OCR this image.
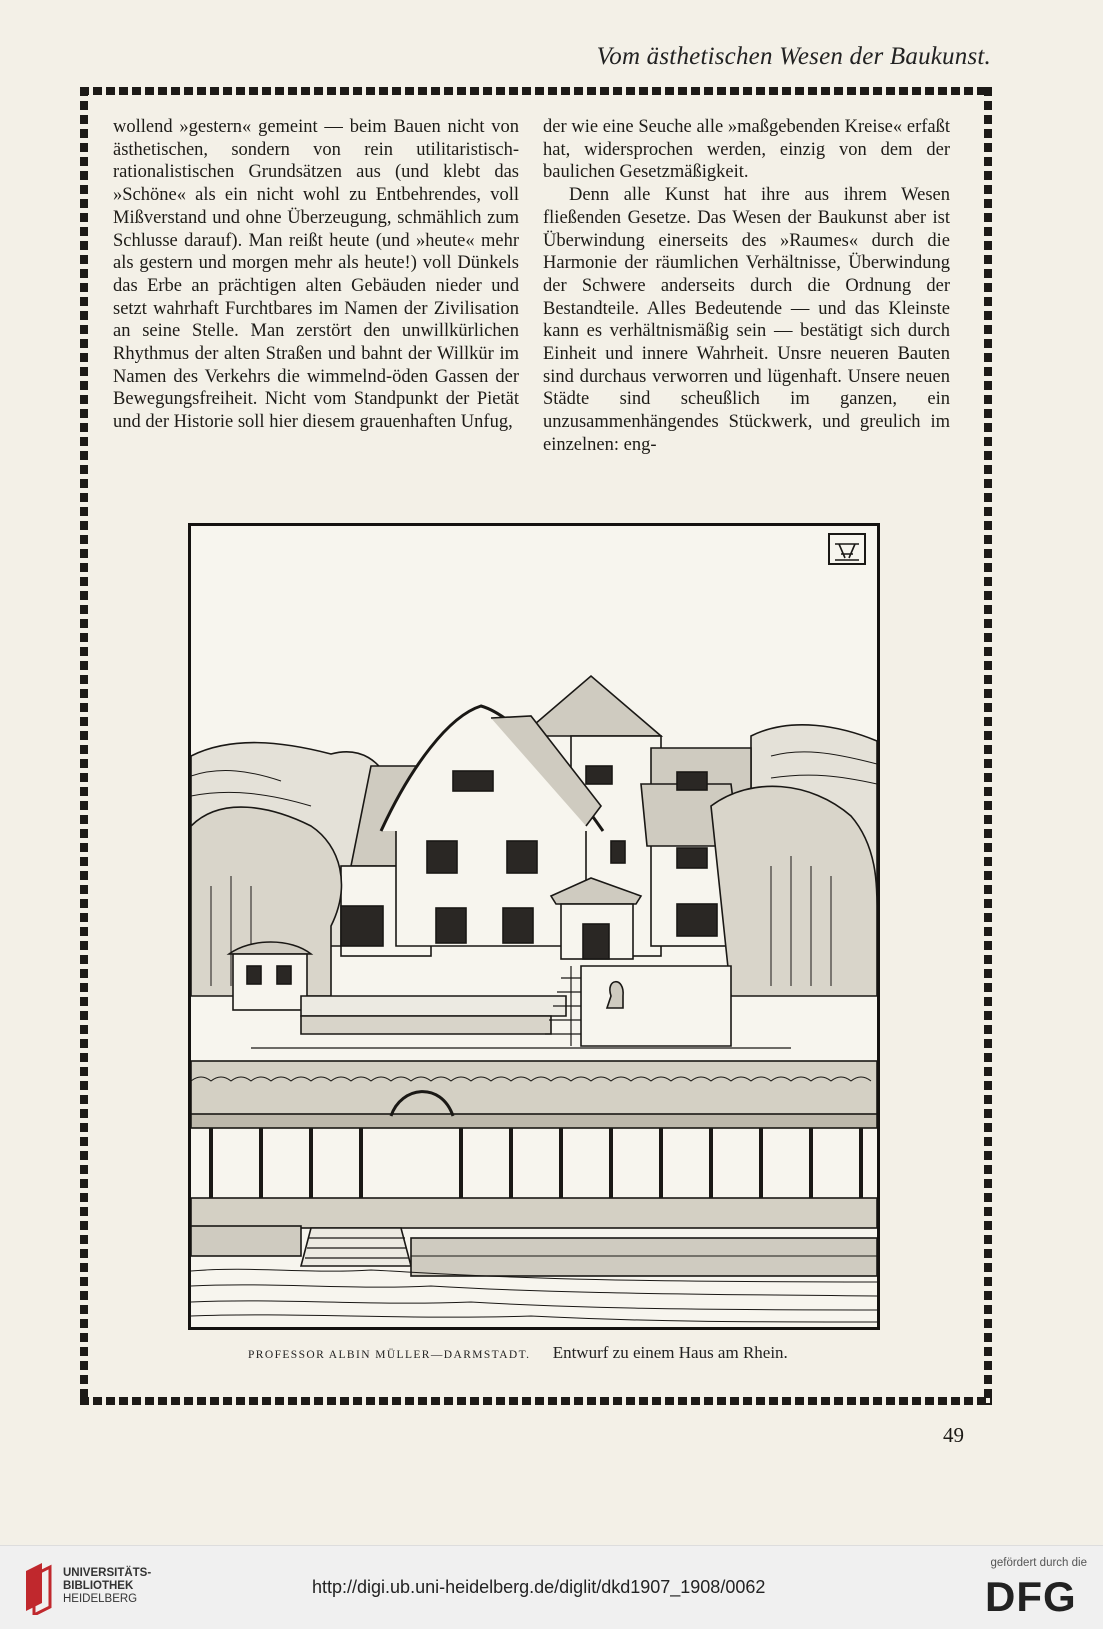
Vom ästhetischen Wesen der Baukunst.

wollend »gestern« gemeint — beim Bauen nicht von ästhetischen, sondern von rein utilitaristisch-rationalistischen Grundsätzen aus (und klebt das »Schöne« als ein nicht wohl zu Entbehrendes, voll Mißverstand und ohne Überzeugung, schmählich zum Schlusse darauf). Man reißt heute (und »heute« mehr als gestern und morgen mehr als heute!) voll Dünkels das Erbe an prächtigen alten Gebäuden nieder und setzt wahrhaft Furchtbares im Namen der Zivilisation an seine Stelle. Man zerstört den unwillkürlichen Rhythmus der alten Straßen und bahnt der Willkür im Namen des Verkehrs die wimmelnd-öden Gassen der Bewegungsfreiheit. Nicht vom Standpunkt der Pietät und der Historie soll hier diesem grauenhaften Unfug,

der wie eine Seuche alle »maßgebenden Kreise« erfaßt hat, widersprochen werden, einzig von dem der baulichen Gesetzmäßigkeit.

Denn alle Kunst hat ihre aus ihrem Wesen fließenden Gesetze. Das Wesen der Baukunst aber ist Überwindung einerseits des »Raumes« durch die Harmonie der räumlichen Verhältnisse, Überwindung der Schwere anderseits durch die Ordnung der Bestandteile. Alles Bedeutende — und das Kleinste kann es verhältnismäßig sein — bestätigt sich durch Einheit und innere Wahrheit. Unsre neueren Bauten sind durchaus verworren und lügenhaft. Unsere neuen Städte sind scheußlich im ganzen, ein unzusammenhängendes Stückwerk, und greulich im einzelnen: eng-

PROFESSOR ALBIN MÜLLER—DARMSTADT. Entwurf zu einem Haus am Rhein.
49
UNIVERSITÄTS-
BIBLIOTHEK
HEIDELBERG
http://digi.ub.uni-heidelberg.de/diglit/dkd1907_1908/0062
gefördert durch die
DFG
